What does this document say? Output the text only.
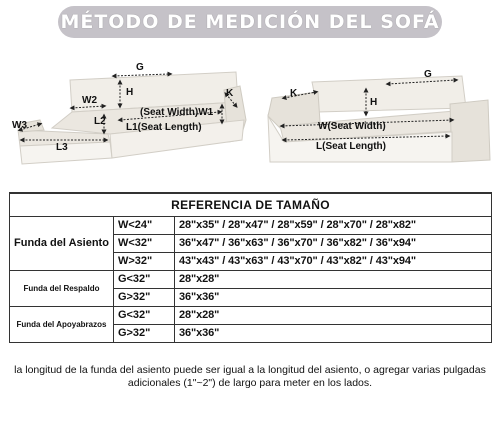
MÉTODO DE MEDICIÓN DEL SOFÁ
G
H
W2
W3	L2
K
(Seat Width)W1
L1(Seat Length)
L3
G
K
H
W(Seat Width)
L(Seat Length)
REFERENCIA DE TAMAÑO		
Funda del Asiento	W<24"	28"x35" / 28"x47" / 28"x59" / 28"x70" / 28"x82"
	W<32"	36"x47" / 36"x63" / 36"x70" / 36"x82" / 36"x94"
	W>32"	43"x43" / 43"x63" / 43"x70" / 43"x82" / 43"x94"
Funda del Respaldo	G<32"	28"x28"
	G>32"	36"x36"
Funda del Apoyabrazos	G<32"	28"x28"
	G>32"	36"x36"
la longitud de la funda del asiento puede ser igual a la longitud del asiento, o agregar varias pulgadas adicionales (1"~2") de largo para meter en los lados.
